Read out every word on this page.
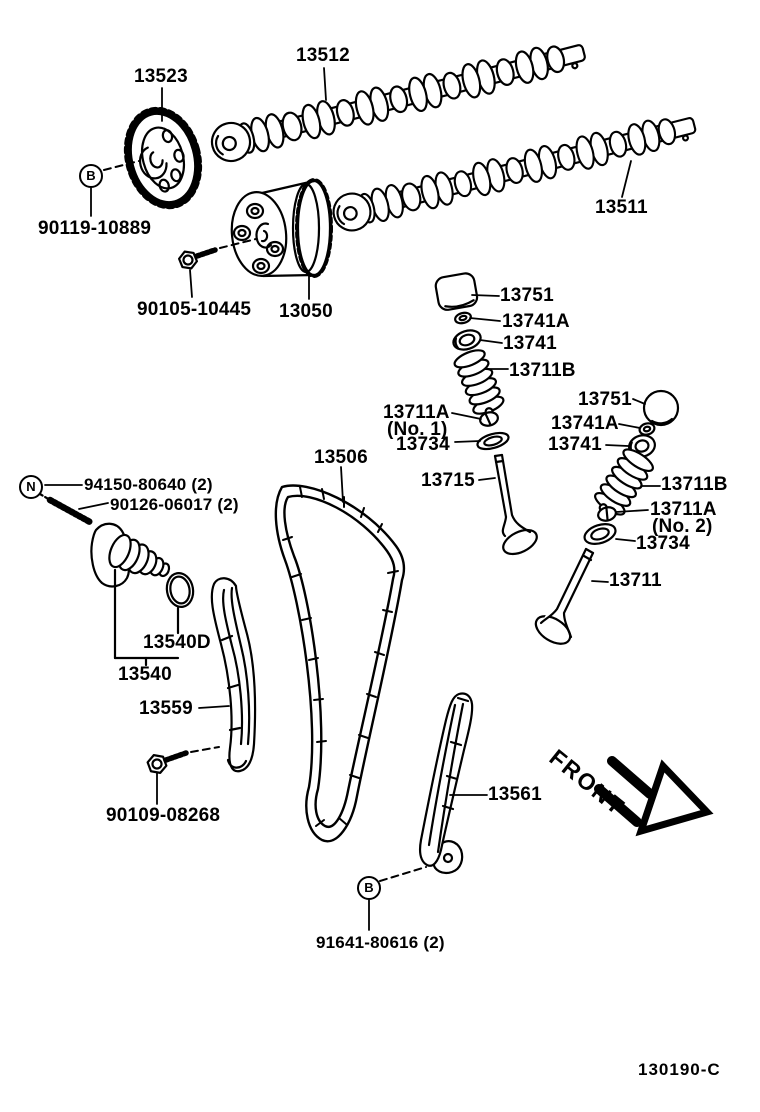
13523
13512
13511
90119-10889
90105-10445 13050
13751
13741A
13741
13711B
13711A
(No. 1)
13734
13715
13751
13741A
13741
13711B
13711A
(No. 2)
13734
13711
13506
94150-80640 (2)
90126-06017 (2)
13540D
13540
13559
90109-08268
13561
91641-80616 (2)
B
N
B
FRONT
130190-C
